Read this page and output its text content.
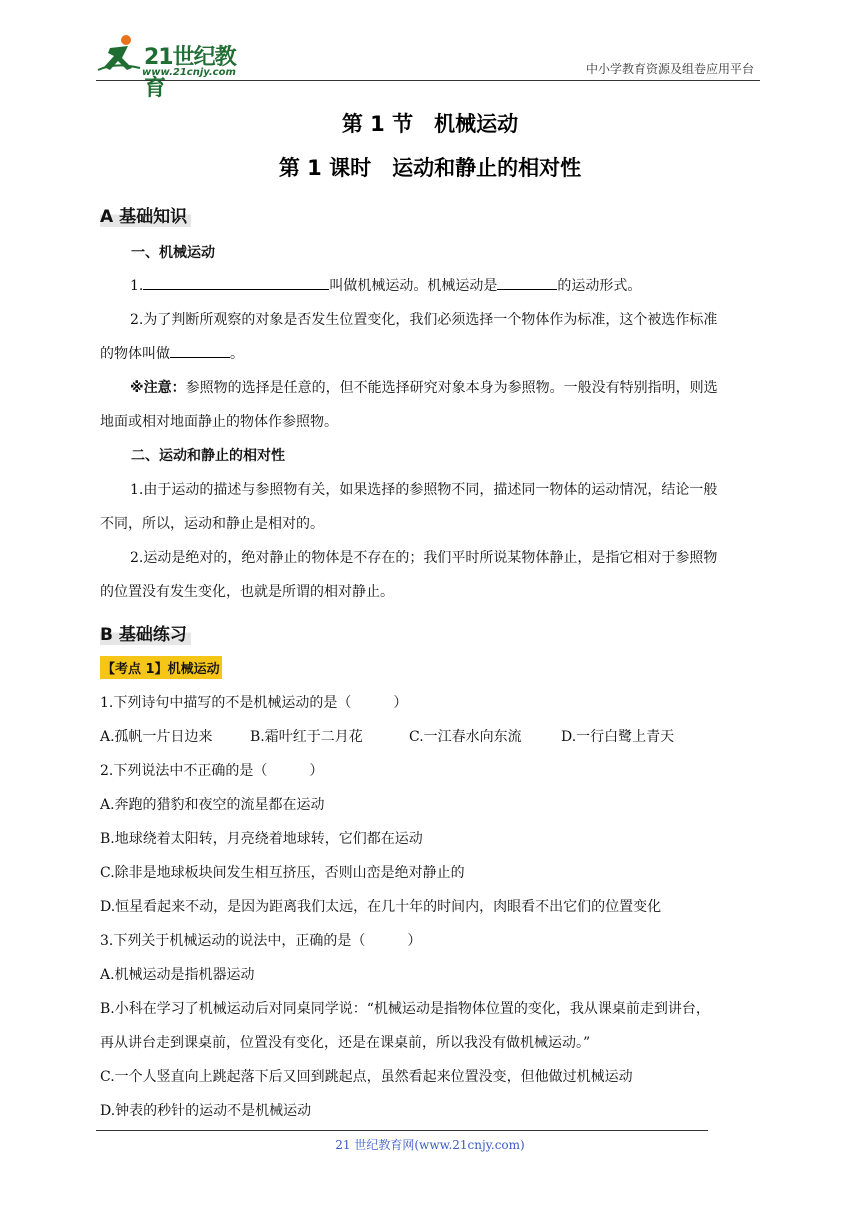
21世纪教育
www.21cnjy.com	中小学教育资源及组卷应用平台
第 1 节　机械运动
第 1 课时　运动和静止的相对性
A 基础知识
一、机械运动
1.	叫做机械运动。机械运动是	的运动形式。
2.为了判断所观察的对象是否发生位置变化，我们必须选择一个物体作为标准，这个被选作标准
的物体叫做	。
※注意：参照物的选择是任意的，但不能选择研究对象本身为参照物。一般没有特别指明，则选
地面或相对地面静止的物体作参照物。
二、运动和静止的相对性
1.由于运动的描述与参照物有关，如果选择的参照物不同，描述同一物体的运动情况，结论一般
不同，所以，运动和静止是相对的。
2.运动是绝对的，绝对静止的物体是不存在的；我们平时所说某物体静止，是指它相对于参照物
的位置没有发生变化，也就是所谓的相对静止。
B 基础练习
【考点 1】机械运动
1.下列诗句中描写的不是机械运动的是（　　　）
A.孤帆一片日边来	B.霜叶红于二月花	C.一江春水向东流	D.一行白鹭上青天
2.下列说法中不正确的是（　　　）
A.奔跑的猎豹和夜空的流星都在运动
B.地球绕着太阳转，月亮绕着地球转，它们都在运动
C.除非是地球板块间发生相互挤压，否则山峦是绝对静止的
D.恒星看起来不动，是因为距离我们太远，在几十年的时间内，肉眼看不出它们的位置变化
3.下列关于机械运动的说法中，正确的是（　　　）
A.机械运动是指机器运动
B.小科在学习了机械运动后对同桌同学说：“机械运动是指物体位置的变化，我从课桌前走到讲台，
再从讲台走到课桌前，位置没有变化，还是在课桌前，所以我没有做机械运动。”
C.一个人竖直向上跳起落下后又回到跳起点，虽然看起来位置没变，但他做过机械运动
D.钟表的秒针的运动不是机械运动
21 世纪教育网(www.21cnjy.com)
